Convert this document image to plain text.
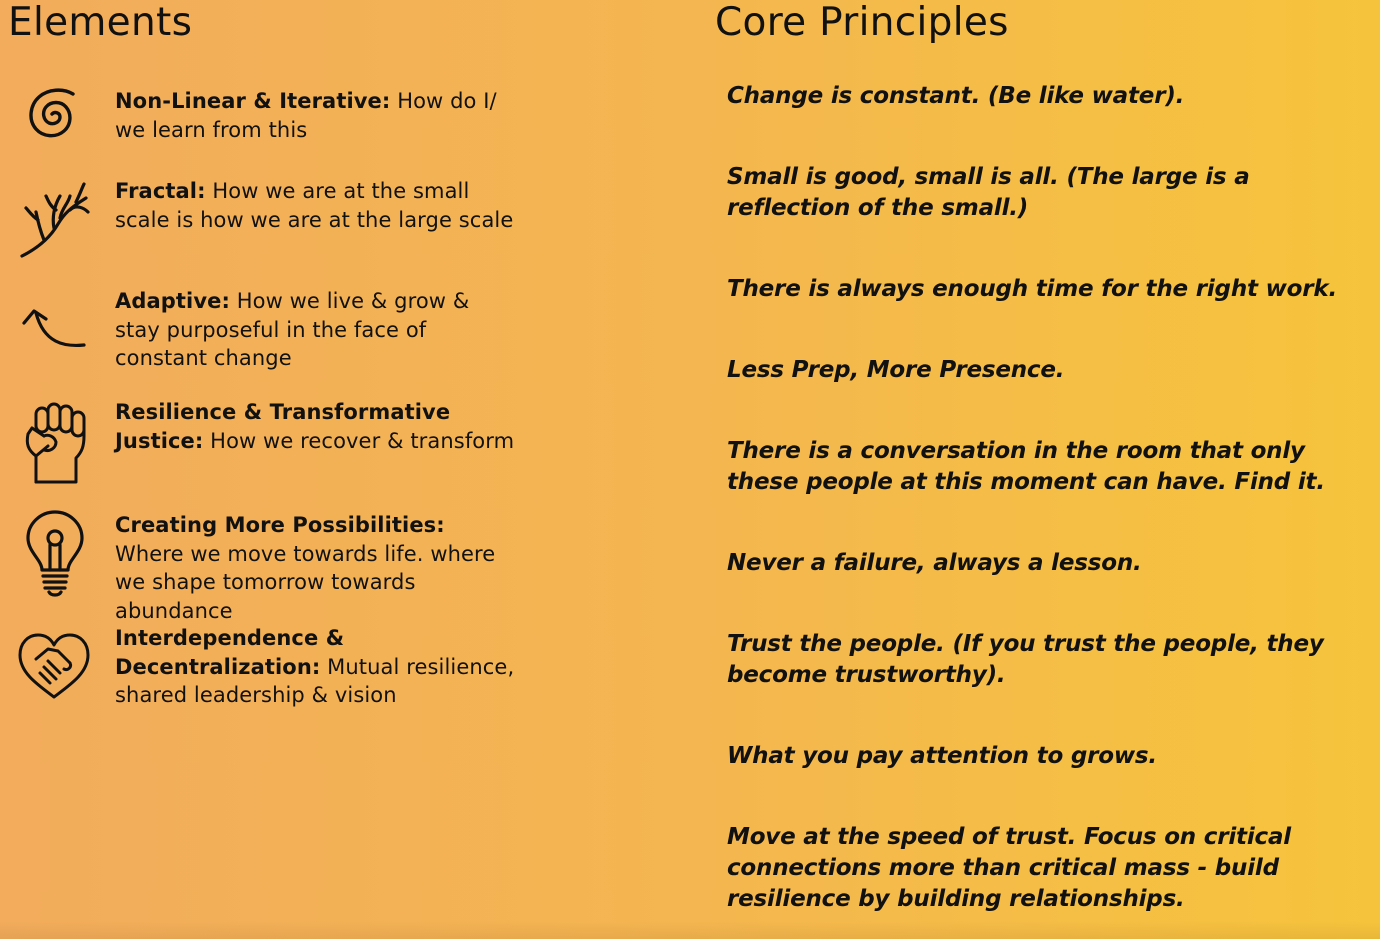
Elements	Core Principles
Non-Linear & Iterative: How do I/ we learn from this
Fractal: How we are at the small scale is how we are at the large scale
Adaptive: How we live & grow & stay purposeful in the face of constant change
Resilience & Transformative Justice: How we recover & transform
Creating More Possibilities: Where we move towards life. where we shape tomorrow towards abundance
Interdependence & Decentralization: Mutual resilience, shared leadership & vision

Change is constant. (Be like water).

Small is good, small is all. (The large is a reflection of the small.)

There is always enough time for the right work.

Less Prep, More Presence.

There is a conversation in the room that only these people at this moment can have. Find it.

Never a failure, always a lesson.

Trust the people. (If you trust the people, they become trustworthy).

What you pay attention to grows.

Move at the speed of trust. Focus on critical connections more than critical mass - build resilience by building relationships.
